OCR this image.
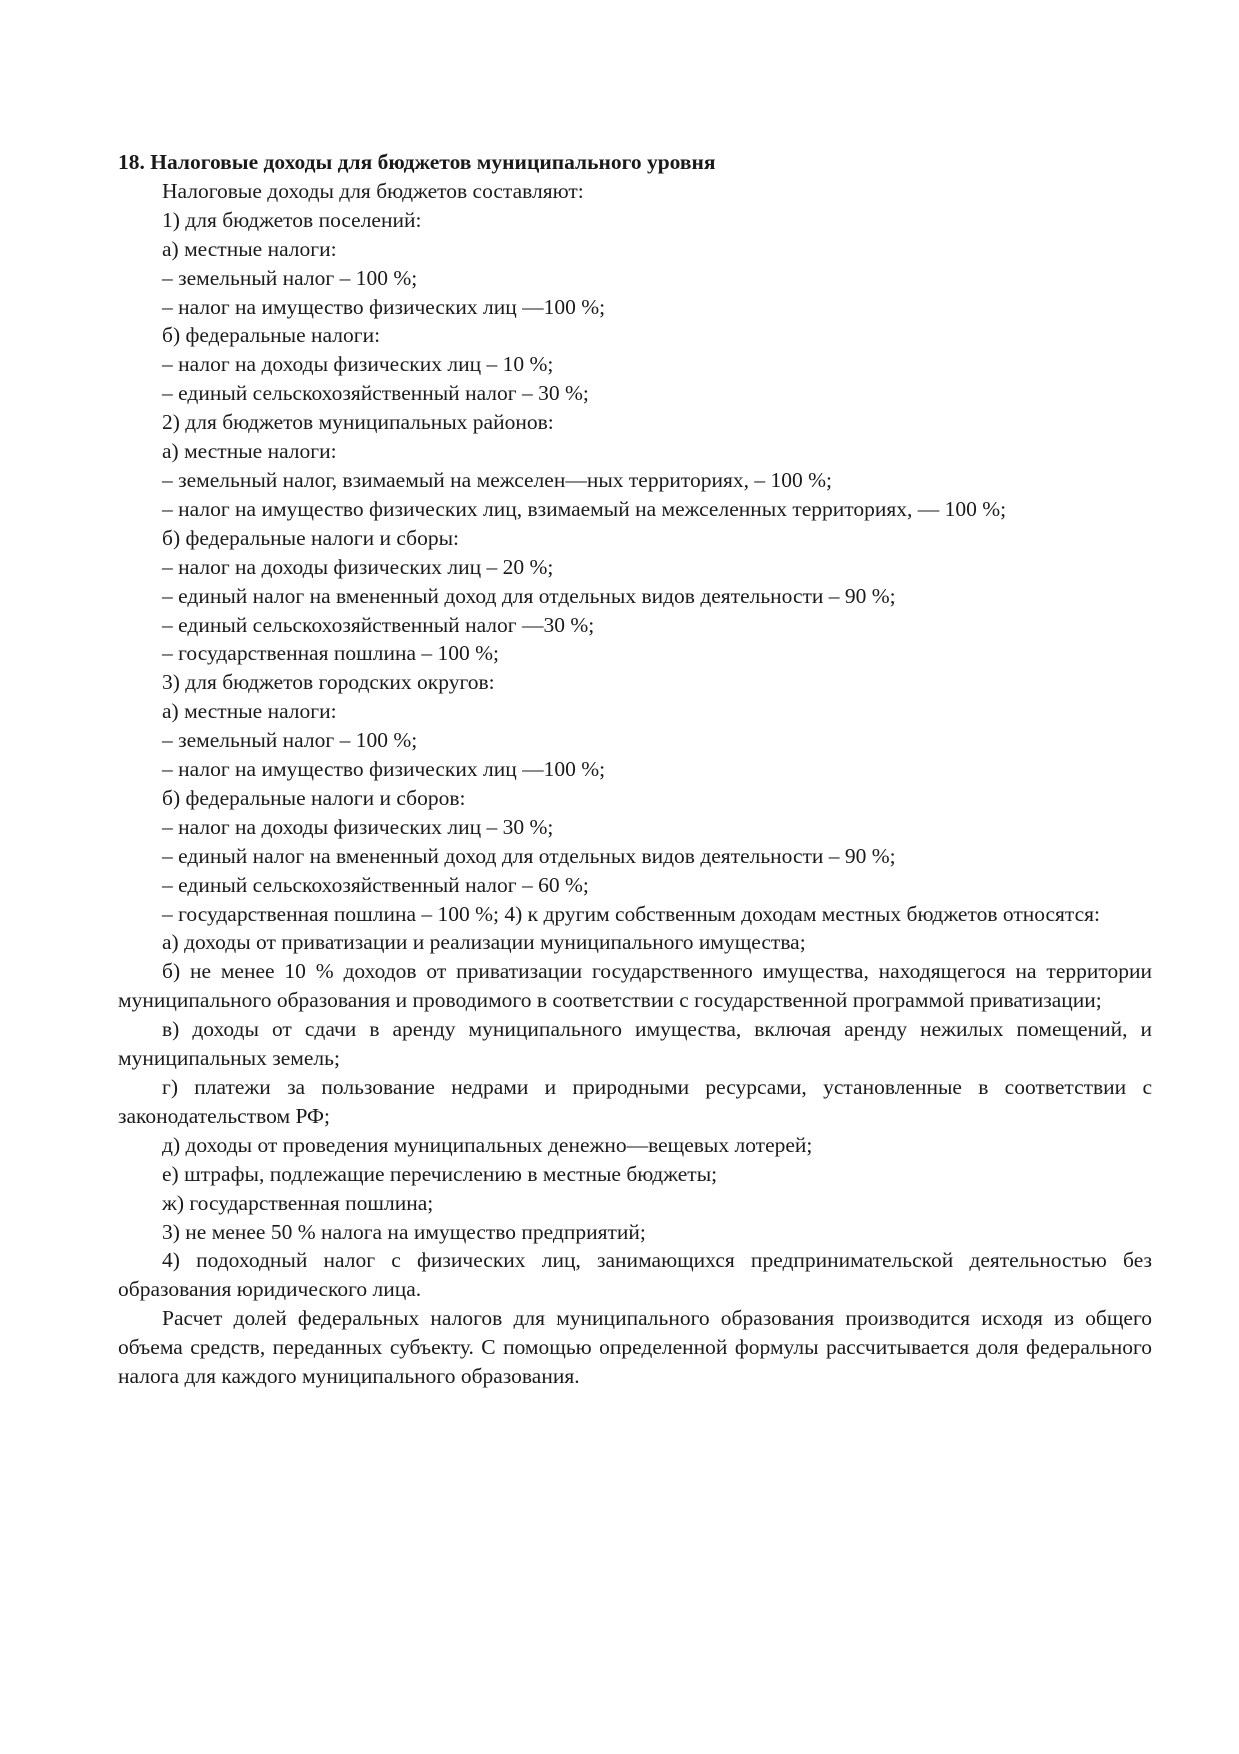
18. Налоговые доходы для бюджетов муниципального уровня

Налоговые доходы для бюджетов составляют:

1) для бюджетов поселений:

а) местные налоги:

– земельный налог – 100 %;

– налог на имущество физических лиц —100 %;

б) федеральные налоги:

– налог на доходы физических лиц – 10 %;

– единый сельскохозяйственный налог – 30 %;

2) для бюджетов муниципальных районов:

а) местные налоги:

– земельный налог, взимаемый на межселен—ных территориях, – 100 %;

– налог на имущество физических лиц, взимаемый на межселенных территориях, — 100 %;

б) федеральные налоги и сборы:

– налог на доходы физических лиц – 20 %;

– единый налог на вмененный доход для отдельных видов деятельности – 90 %;

– единый сельскохозяйственный налог —30 %;

– государственная пошлина – 100 %;

3) для бюджетов городских округов:

а) местные налоги:

– земельный налог – 100 %;

– налог на имущество физических лиц —100 %;

б) федеральные налоги и сборов:

– налог на доходы физических лиц – 30 %;

– единый налог на вмененный доход для отдельных видов деятельности – 90 %;

– единый сельскохозяйственный налог – 60 %;

– государственная пошлина – 100 %; 4) к другим собственным доходам местных бюджетов относятся:

а) доходы от приватизации и реализации муниципального имущества;

б) не менее 10 % доходов от приватизации государственного имущества, находящегося на территории муниципального образования и проводимого в соответствии с государственной программой приватизации;

в) доходы от сдачи в аренду муниципального имущества, включая аренду нежилых помещений, и муниципальных земель;

г) платежи за пользование недрами и природными ресурсами, установленные в соответствии с законодательством РФ;

д) доходы от проведения муниципальных денежно—вещевых лотерей;

е) штрафы, подлежащие перечислению в местные бюджеты;

ж) государственная пошлина;

3) не менее 50 % налога на имущество предприятий;

4) подоходный налог с физических лиц, занимающихся предпринимательской деятельностью без образования юридического лица.

Расчет долей федеральных налогов для муниципального образования производится исходя из общего объема средств, переданных субъекту. С помощью определенной формулы рассчитывается доля федерального налога для каждого муниципального образования.
